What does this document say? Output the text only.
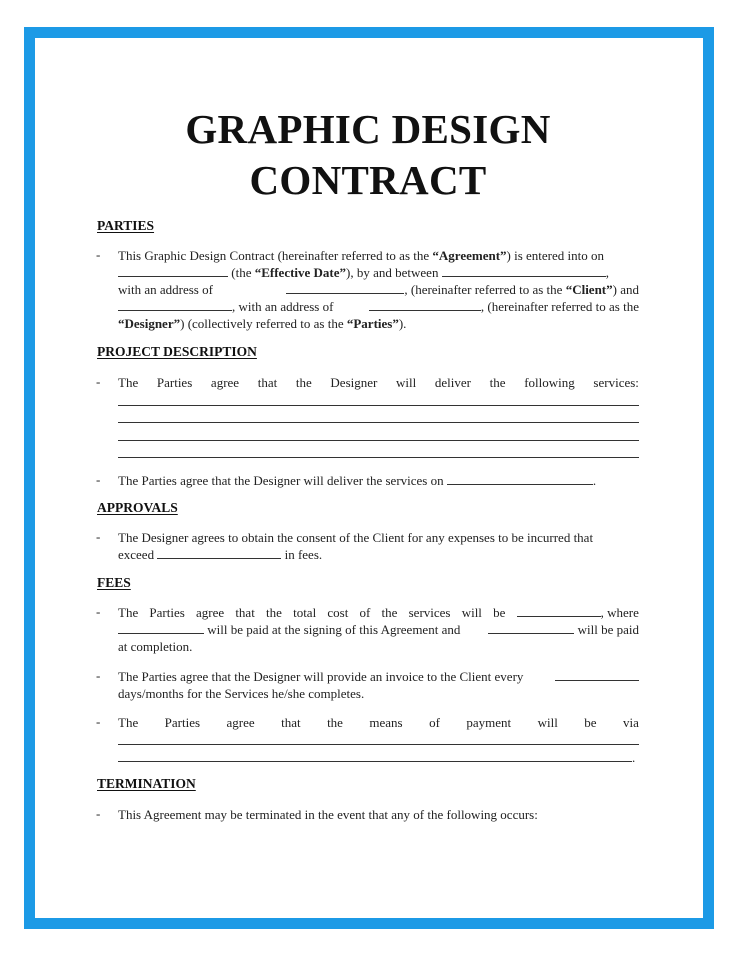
GRAPHIC DESIGN
CONTRACT
PARTIES
- This Graphic Design Contract (hereinafter referred to as the “Agreement”) is entered into on
(the “Effective Date”), by and between	,
with an address of	, (hereinafter referred to as the “Client”) and
, with an address of	, (hereinafter referred to as the
“Designer”) (collectively referred to as the “Parties”).
PROJECT DESCRIPTION
- The Parties agree that the Designer will deliver the following services:
- The Parties agree that the Designer will deliver the services on	.
APPROVALS
- The Designer agrees to obtain the consent of the Client for any expenses to be incurred that
exceed	in fees.
FEES
- The Parties agree that the total cost of the services will be	, where
will be paid at the signing of this Agreement and	will be paid
at completion.
- The Parties agree that the Designer will provide an invoice to the Client every
days/months for the Services he/she completes.
- The Parties agree that the means of payment will be via
.
TERMINATION
- This Agreement may be terminated in the event that any of the following occurs:
